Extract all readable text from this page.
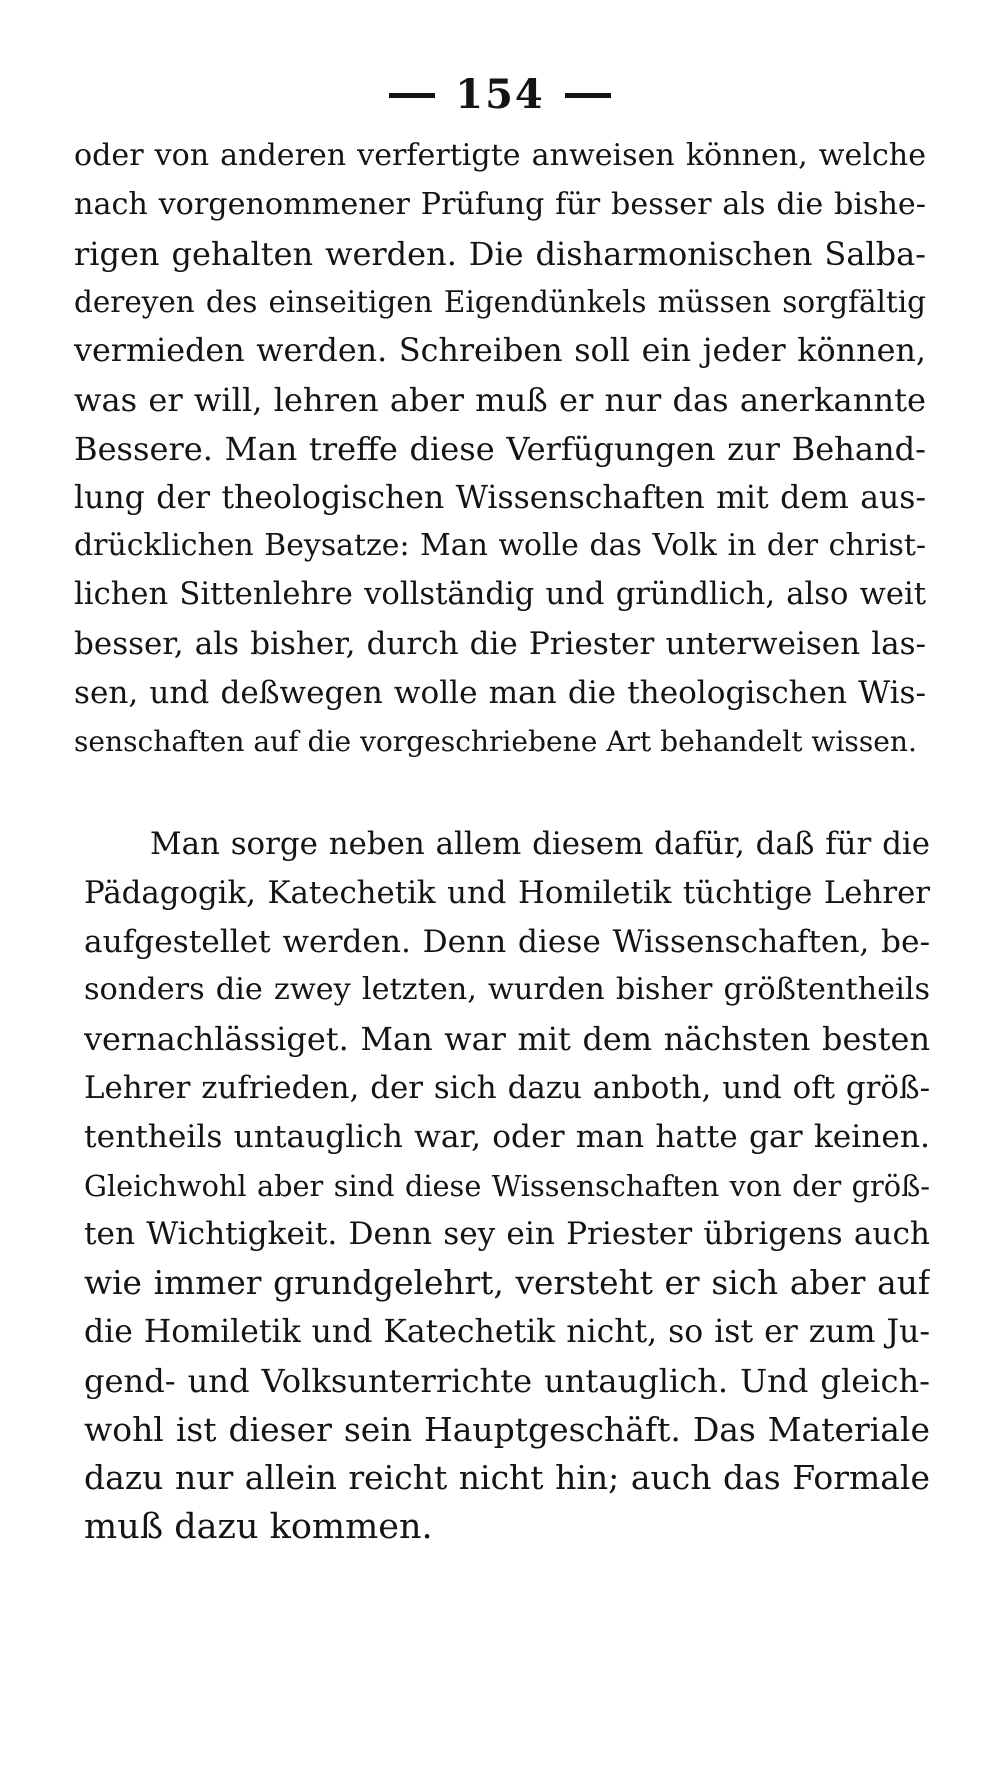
154

oder von anderen verfertigte anweisen können, welche
nach vorgenommener Prüfung für besser als die bishe-
rigen gehalten werden. Die disharmonischen Salba-
dereyen des einseitigen Eigendünkels müssen sorgfältig
vermieden werden. Schreiben soll ein jeder können,
was er will, lehren aber muß er nur das anerkannte
Bessere. Man treffe diese Verfügungen zur Behand-
lung der theologischen Wissenschaften mit dem aus-
drücklichen Beysatze: Man wolle das Volk in der christ-
lichen Sittenlehre vollständig und gründlich, also weit
besser, als bisher, durch die Priester unterweisen las-
sen, und deßwegen wolle man die theologischen Wis-
senschaften auf die vorgeschriebene Art behandelt wissen.

Man sorge neben allem diesem dafür, daß für die
Pädagogik, Katechetik und Homiletik tüchtige Lehrer
aufgestellet werden. Denn diese Wissenschaften, be-
sonders die zwey letzten, wurden bisher größtentheils
vernachlässiget. Man war mit dem nächsten besten
Lehrer zufrieden, der sich dazu anboth, und oft größ-
tentheils untauglich war, oder man hatte gar keinen.
Gleichwohl aber sind diese Wissenschaften von der größ-
ten Wichtigkeit. Denn sey ein Priester übrigens auch
wie immer grundgelehrt, versteht er sich aber auf
die Homiletik und Katechetik nicht, so ist er zum Ju-
gend- und Volksunterrichte untauglich. Und gleich-
wohl ist dieser sein Hauptgeschäft. Das Materiale
dazu nur allein reicht nicht hin; auch das Formale
muß dazu kommen.
